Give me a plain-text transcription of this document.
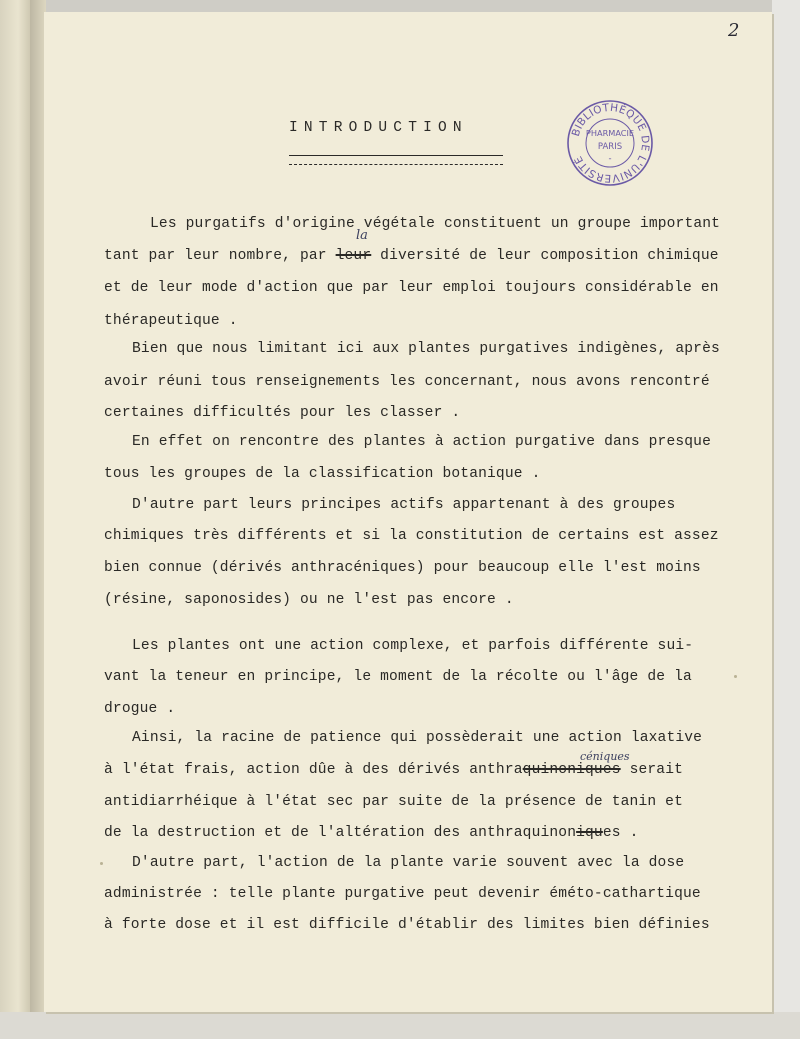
2
INTRODUCTION	BIBLIOTHÈQUE DE L'UNIVERSITÉ
PHARMACIE
PARIS
-
Les purgatifs d'origine végétale constituent un groupe important
la
tant par leur nombre, par leur diversité de leur composition chimique
et de leur mode d'action que par leur emploi toujours considérable en
thérapeutique .
Bien que nous limitant ici aux plantes purgatives indigènes, après
avoir réuni tous renseignements les concernant, nous avons rencontré
certaines difficultés pour les classer .
En effet on rencontre des plantes à action purgative dans presque
tous les groupes de la classification botanique .
D'autre part leurs principes actifs appartenant à des groupes
chimiques très différents et si la constitution de certains est assez
bien connue (dérivés anthracéniques) pour beaucoup elle l'est moins
(résine, saponosides) ou ne l'est pas encore .
Les plantes ont une action complexe, et parfois différente sui-
vant la teneur en principe, le moment de la récolte ou l'âge de la
drogue .
Ainsi, la racine de patience qui possèderait une action laxative
céniques
à l'état frais, action dûe à des dérivés anthraquinoniques serait
antidiarrhéique à l'état sec par suite de la présence de tanin et
de la destruction et de l'altération des anthraquinoniques .
D'autre part, l'action de la plante varie souvent avec la dose
administrée : telle plante purgative peut devenir éméto-cathartique
à forte dose et il est difficile d'établir des limites bien définies
